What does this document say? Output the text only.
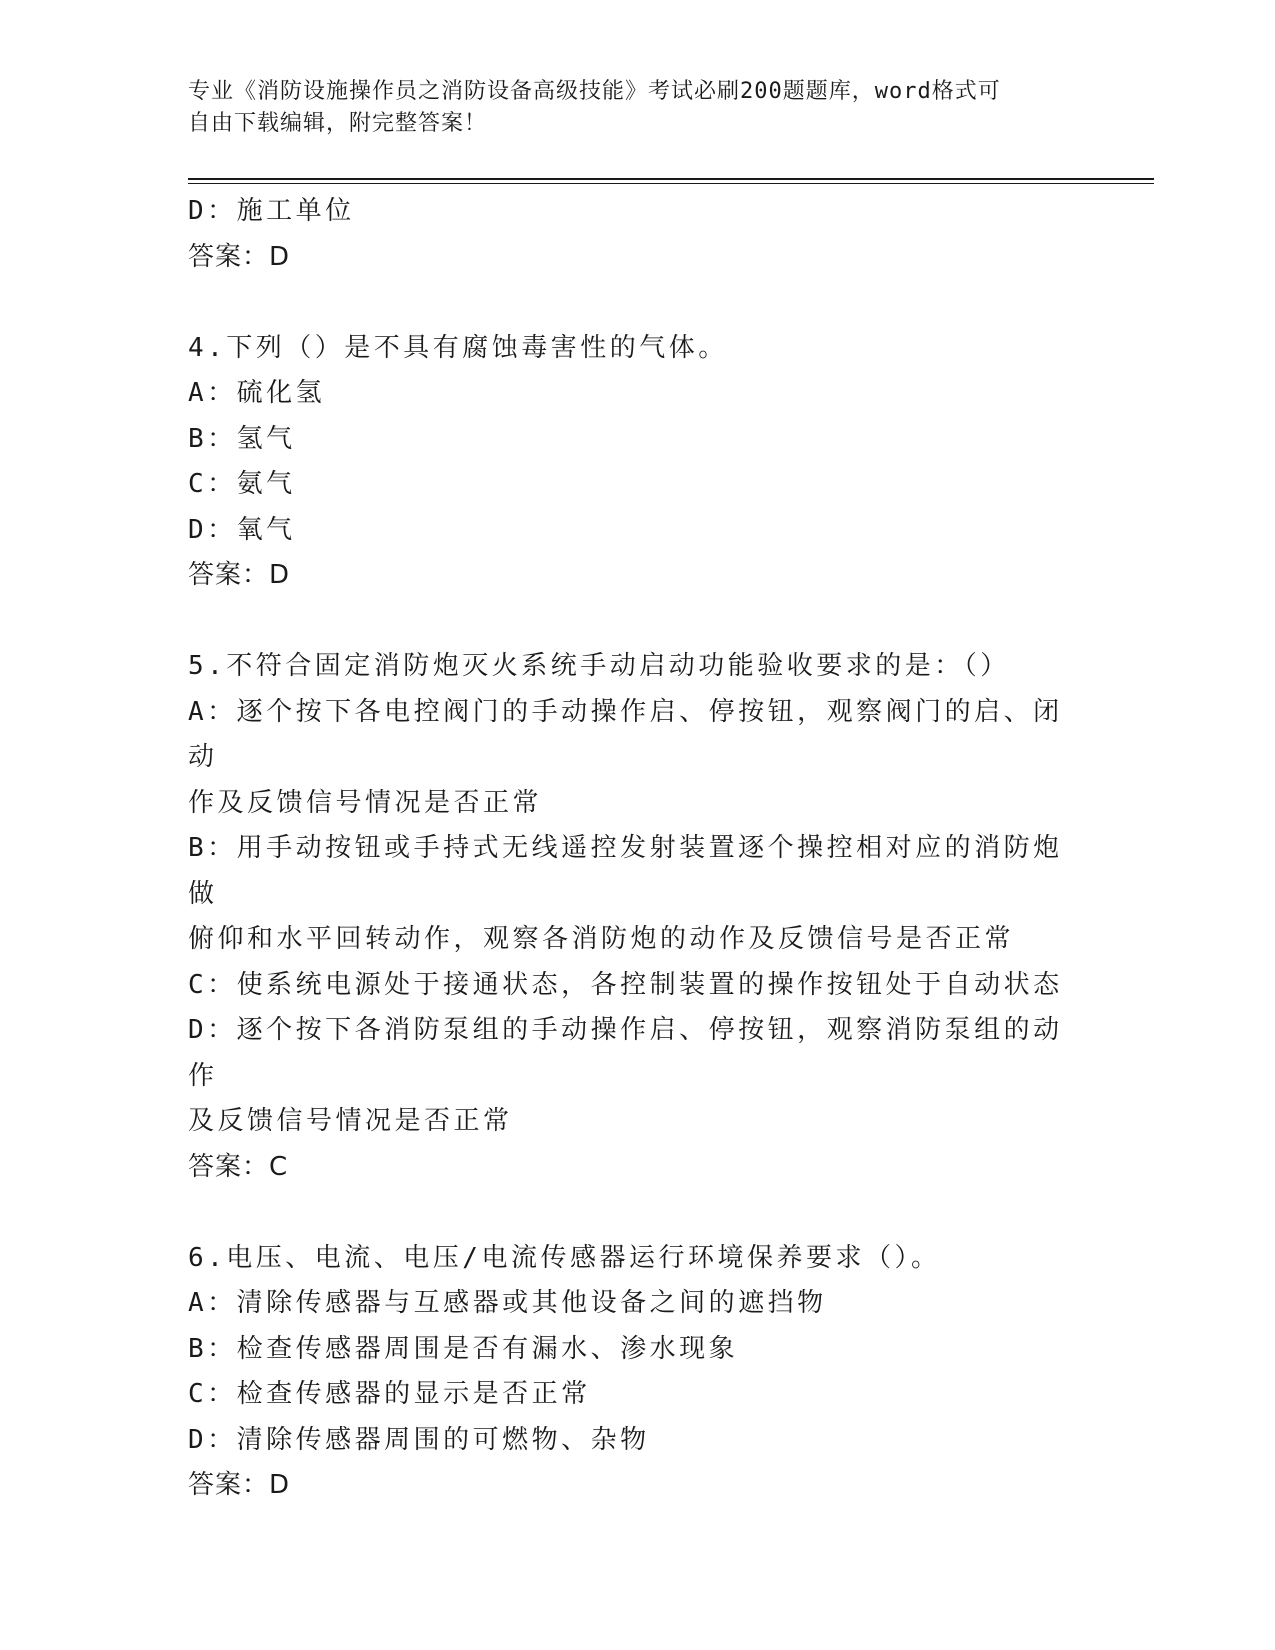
专业《消防设施操作员之消防设备高级技能》考试必刷200题题库，word格式可
自由下载编辑，附完整答案！
D：施工单位
答案：D
4.下列（）是不具有腐蚀毒害性的气体。
A：硫化氢
B：氢气
C：氨气
D：氧气
答案：D
5.不符合固定消防炮灭火系统手动启动功能验收要求的是：（）
A：逐个按下各电控阀门的手动操作启、停按钮，观察阀门的启、闭动
作及反馈信号情况是否正常
B：用手动按钮或手持式无线遥控发射装置逐个操控相对应的消防炮做
俯仰和水平回转动作，观察各消防炮的动作及反馈信号是否正常
C：使系统电源处于接通状态，各控制装置的操作按钮处于自动状态
D：逐个按下各消防泵组的手动操作启、停按钮，观察消防泵组的动作
及反馈信号情况是否正常
答案：C
6.电压、电流、电压/电流传感器运行环境保养要求（）。
A：清除传感器与互感器或其他设备之间的遮挡物
B：检查传感器周围是否有漏水、渗水现象
C：检查传感器的显示是否正常
D：清除传感器周围的可燃物、杂物
答案：D
